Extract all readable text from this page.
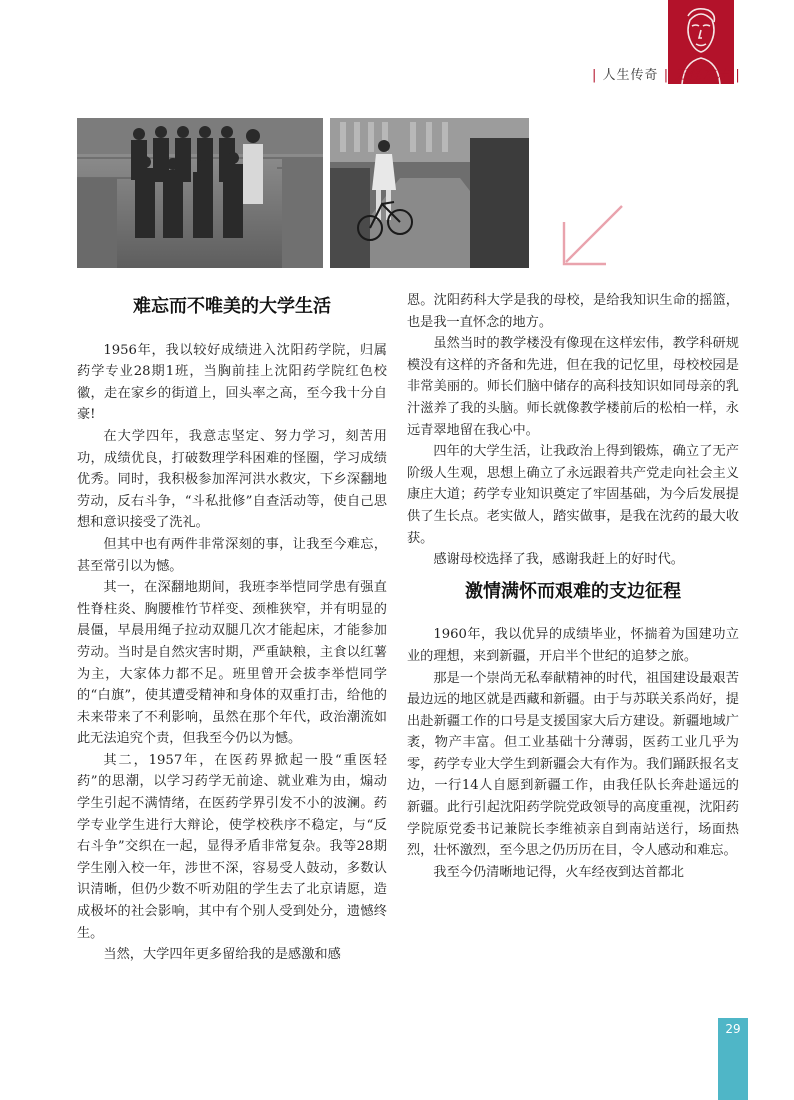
| 人生传奇 | 无怪东志 |
难忘而不唯美的大学生活

1956年，我以较好成绩进入沈阳药学院，归属药学专业28期1班，当胸前挂上沈阳药学院红色校徽，走在家乡的街道上，回头率之高，至今我十分自豪!

在大学四年，我意志坚定、努力学习，刻苦用功，成绩优良，打破数理学科困难的怪圈，学习成绩优秀。同时，我积极参加浑河洪水救灾，下乡深翻地劳动，反右斗争，“斗私批修”自查活动等，使自己思想和意识接受了洗礼。

但其中也有两件非常深刻的事，让我至今难忘，甚至常引以为憾。

其一，在深翻地期间，我班李举恺同学患有强直性脊柱炎、胸腰椎竹节样变、颈椎狭窄，并有明显的晨僵，早晨用绳子拉动双腿几次才能起床，才能参加劳动。当时是自然灾害时期，严重缺粮，主食以红薯为主，大家体力都不足。班里曾开会拔李举恺同学的“白旗”，使其遭受精神和身体的双重打击，给他的未来带来了不利影响，虽然在那个年代，政治潮流如此无法追究个责，但我至今仍以为憾。

其二，1957年，在医药界掀起一股“重医轻药”的思潮，以学习药学无前途、就业难为由，煽动学生引起不满情绪，在医药学界引发不小的波澜。药学专业学生进行大辩论，使学校秩序不稳定，与“反右斗争”交织在一起，显得矛盾非常复杂。我等28期学生刚入校一年，涉世不深，容易受人鼓动，多数认识清晰，但仍少数不听劝阻的学生去了北京请愿，造成极坏的社会影响，其中有个别人受到处分，遗憾终生。

当然，大学四年更多留给我的是感激和感

恩。沈阳药科大学是我的母校，是给我知识生命的摇篮，也是我一直怀念的地方。

虽然当时的教学楼没有像现在这样宏伟，教学科研规模没有这样的齐备和先进，但在我的记忆里，母校校园是非常美丽的。师长们脑中储存的高科技知识如同母亲的乳汁滋养了我的头脑。师长就像教学楼前后的松柏一样，永远青翠地留在我心中。

四年的大学生活，让我政治上得到锻炼，确立了无产阶级人生观，思想上确立了永远跟着共产党走向社会主义康庄大道；药学专业知识奠定了牢固基础，为今后发展提供了生长点。老实做人，踏实做事，是我在沈药的最大收获。

感谢母校选择了我，感谢我赶上的好时代。

激情满怀而艰难的支边征程

1960年，我以优异的成绩毕业，怀揣着为国建功立业的理想，来到新疆，开启半个世纪的追梦之旅。

那是一个崇尚无私奉献精神的时代，祖国建设最艰苦最边远的地区就是西藏和新疆。由于与苏联关系尚好，提出赴新疆工作的口号是支援国家大后方建设。新疆地域广袤，物产丰富。但工业基础十分薄弱，医药工业几乎为零，药学专业大学生到新疆会大有作为。我们踊跃报名支边，一行14人自愿到新疆工作，由我任队长奔赴遥远的新疆。此行引起沈阳药学院党政领导的高度重视，沈阳药学院原党委书记兼院长李维祯亲自到南站送行，场面热烈，壮怀激烈，至今思之仍历历在目，令人感动和难忘。

我至今仍清晰地记得，火车经夜到达首都北

29
